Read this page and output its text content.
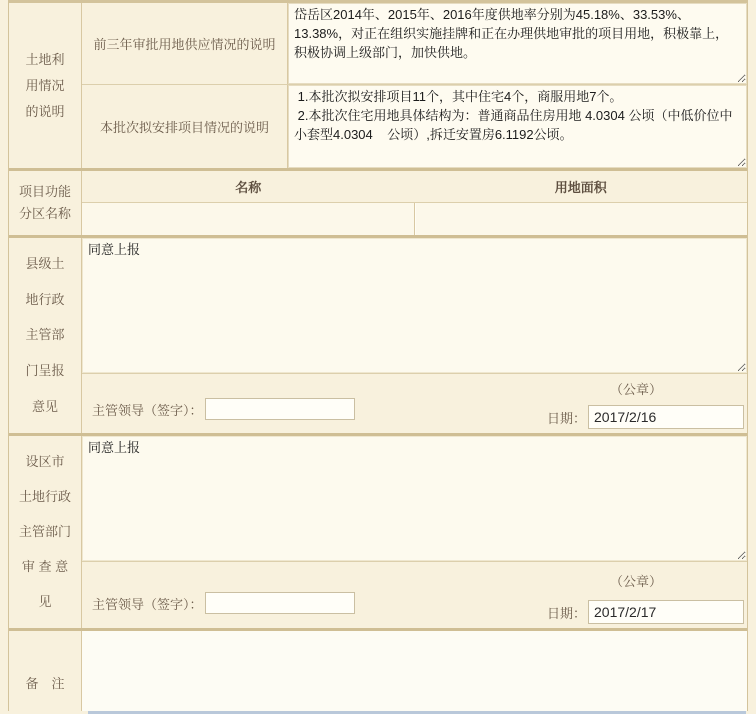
土地利
用情况
的说明
前三年审批用地供应情况的说明
岱岳区2014年、2015年、2016年度供地率分别为45.18%、33.53%、13.38%，对正在组织实施挂牌和正在办理供地审批的项目用地，积极靠上，积极协调上级部门，加快供地。
本批次拟安排项目情况的说明
1.本批次拟安排项目11个，其中住宅4个，商服用地7个。 2.本批次住宅用地具体结构为：普通商品住房用地 4.0304 公顷（中低价位中小套型4.0304 公顷）,拆迁安置房6.1192公顷。
项目功能
分区名称
名称	用地面积
县级土
地行政
主管部
门呈报
意见
同意上报
（公章）
主管领导（签字）：
日期：
2017/2/16
设区市
土地行政
主管部门
审 查 意
见
同意上报
（公章）
主管领导（签字）：
日期：
2017/2/17
备　注
